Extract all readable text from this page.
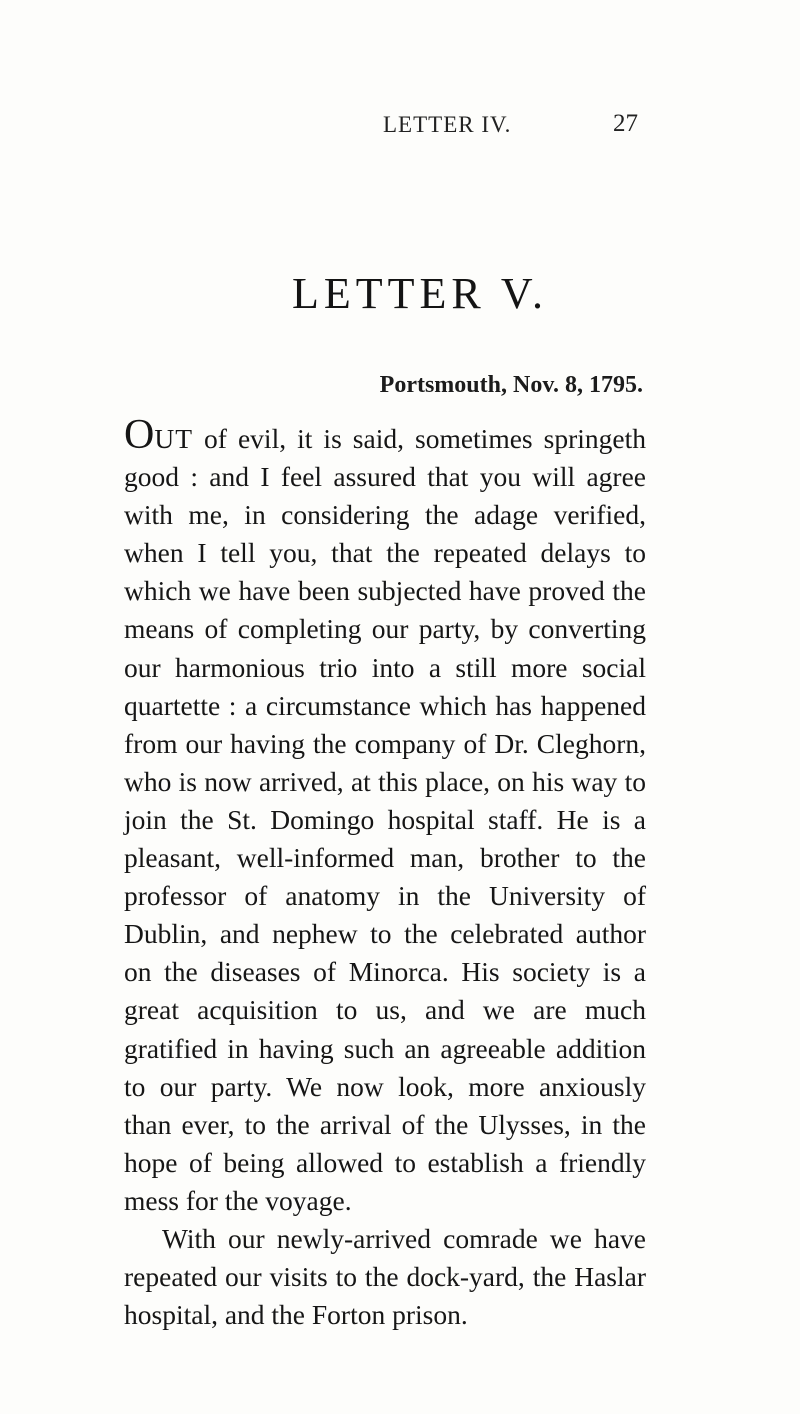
LETTER IV.	27
LETTER V.
Portsmouth, Nov. 8, 1795.

OUT of evil, it is said, sometimes springeth good : and I feel assured that you will agree with me, in considering the adage verified, when I tell you, that the repeated delays to which we have been subjected have proved the means of completing our party, by converting our harmonious trio into a still more social quartette : a circumstance which has happened from our having the company of Dr. Cleghorn, who is now arrived, at this place, on his way to join the St. Domingo hospital staff. He is a pleasant, well-informed man, brother to the professor of anatomy in the University of Dublin, and nephew to the celebrated author on the diseases of Minorca. His society is a great acquisition to us, and we are much gratified in having such an agreeable addition to our party. We now look, more anxiously than ever, to the arrival of the Ulysses, in the hope of being allowed to establish a friendly mess for the voyage.

With our newly-arrived comrade we have repeated our visits to the dock-yard, the Haslar hospital, and the Forton prison.
